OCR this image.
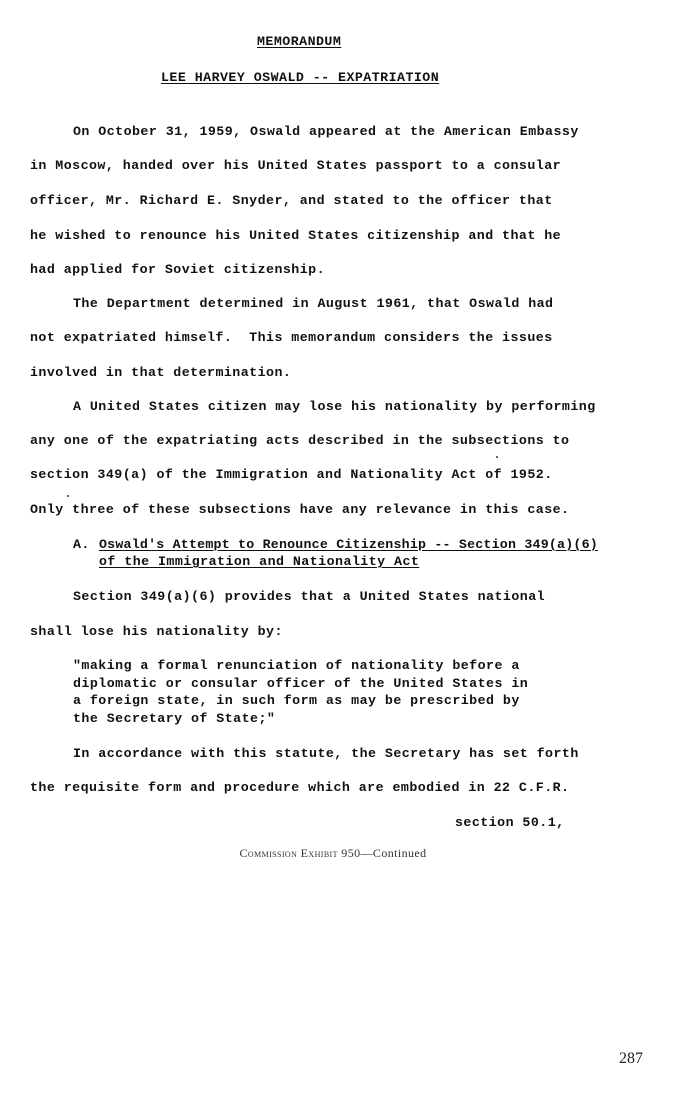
MEMORANDUM

LEE HARVEY OSWALD -- EXPATRIATION

On October 31, 1959, Oswald appeared at the American Embassy

in Moscow, handed over his United States passport to a consular

officer, Mr. Richard E. Snyder, and stated to the officer that

he wished to renounce his United States citizenship and that he

had applied for Soviet citizenship.

The Department determined in August 1961, that Oswald had

not expatriated himself.  This memorandum considers the issues

involved in that determination.

A United States citizen may lose his nationality by performing

any one of the expatriating acts described in the subsections to

section 349(a) of the Immigration and Nationality Act of 1952.

Only three of these subsections have any relevance in this case.

A. Oswald's Attempt to Renounce Citizenship -- Section 349(a)(6)

of the Immigration and Nationality Act

Section 349(a)(6) provides that a United States national

shall lose his nationality by:

"making a formal renunciation of nationality before a

diplomatic or consular officer of the United States in

a foreign state, in such form as may be prescribed by

the Secretary of State;"

In accordance with this statute, the Secretary has set forth

the requisite form and procedure which are embodied in 22 C.F.R.

section 50.1,

Commission Exhibit 950—Continued
287
